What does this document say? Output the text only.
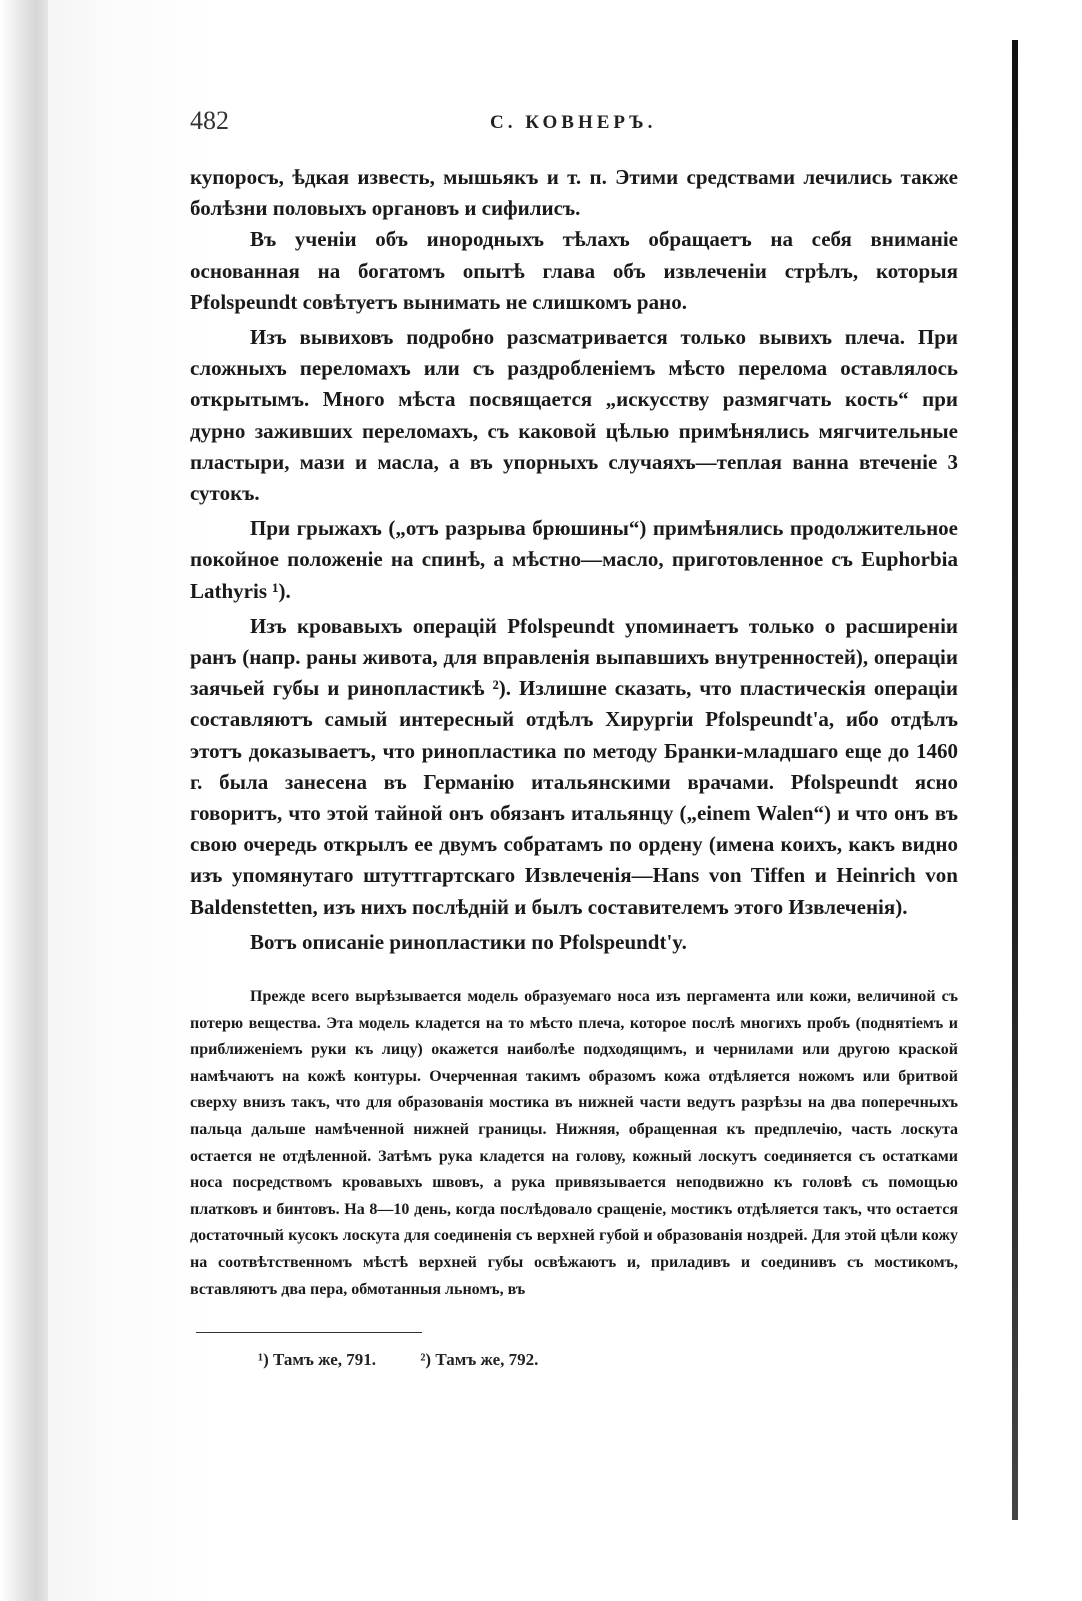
482	С. КОВНЕРЪ.

купоросъ, ѣдкая известь, мышьякъ и т. п. Этими средствами лечились также болѣзни половыхъ органовъ и сифилисъ.

Въ ученіи объ инородныхъ тѣлахъ обращаетъ на себя вниманіе основанная на богатомъ опытѣ глава объ извлеченіи стрѣлъ, которыя Pfolspeundt совѣтуетъ вынимать не слишкомъ рано.

Изъ вывиховъ подробно разсматривается только вывихъ плеча. При сложныхъ переломахъ или съ раздробленіемъ мѣсто перелома оставлялось открытымъ. Много мѣста посвящается „искусству размягчать кость“ при дурно заживших переломахъ, съ каковой цѣлью примѣнялись мягчительные пластыри, мази и масла, а въ упорныхъ случаяхъ—теплая ванна втеченіе 3 сутокъ.

При грыжахъ („отъ разрыва брюшины“) примѣнялись продолжительное покойное положеніе на спинѣ, а мѣстно—масло, приготовленное съ Euphorbia Lathyris ¹).

Изъ кровавыхъ операцій Pfolspeundt упоминаетъ только о расширеніи ранъ (напр. раны живота, для вправленія выпавшихъ внутренностей), операціи заячьей губы и ринопластикѣ ²). Излишне сказать, что пластическія операціи составляютъ самый интересный отдѣлъ Хирургіи Pfolspeundt'a, ибо отдѣлъ этотъ доказываетъ, что ринопластика по методу Бранки-младшаго еще до 1460 г. была занесена въ Германію итальянскими врачами. Pfolspeundt ясно говоритъ, что этой тайной онъ обязанъ итальянцу („einem Walen“) и что онъ въ свою очередь открылъ ее двумъ собратамъ по ордену (имена коихъ, какъ видно изъ упомянутаго штуттгартскаго Извлеченія—Hans von Tiffen и Heinrich von Baldenstetten, изъ нихъ послѣдній и былъ составителемъ этого Извлеченія).

Вотъ описаніе ринопластики по Pfolspeundt'y.

Прежде всего вырѣзывается модель образуемаго носа изъ пергамента или кожи, величиной съ потерю вещества. Эта модель кладется на то мѣсто плеча, которое послѣ многихъ пробъ (поднятіемъ и приближеніемъ руки къ лицу) окажется наиболѣе подходящимъ, и чернилами или другою краской намѣчаютъ на кожѣ контуры. Очерченная такимъ образомъ кожа отдѣляется ножомъ или бритвой сверху внизъ такъ, что для образованія мостика въ нижней части ведутъ разрѣзы на два поперечныхъ пальца дальше намѣченной нижней границы. Нижняя, обращенная къ предплечію, часть лоскута остается не отдѣленной. Затѣмъ рука кладется на голову, кожный лоскутъ соединяется съ остатками носа посредствомъ кровавыхъ швовъ, а рука привязывается неподвижно къ головѣ съ помощью платковъ и бинтовъ. На 8—10 день, когда послѣдовало сращеніе, мостикъ отдѣляется такъ, что остается достаточный кусокъ лоскута для соединенія съ верхней губой и образованія ноздрей. Для этой цѣли кожу на соотвѣтственномъ мѣстѣ верхней губы освѣжаютъ и, приладивъ и соединивъ съ мостикомъ, вставляютъ два пера, обмотанныя льномъ, въ

¹) Тамъ же, 791.	²) Тамъ же, 792.
